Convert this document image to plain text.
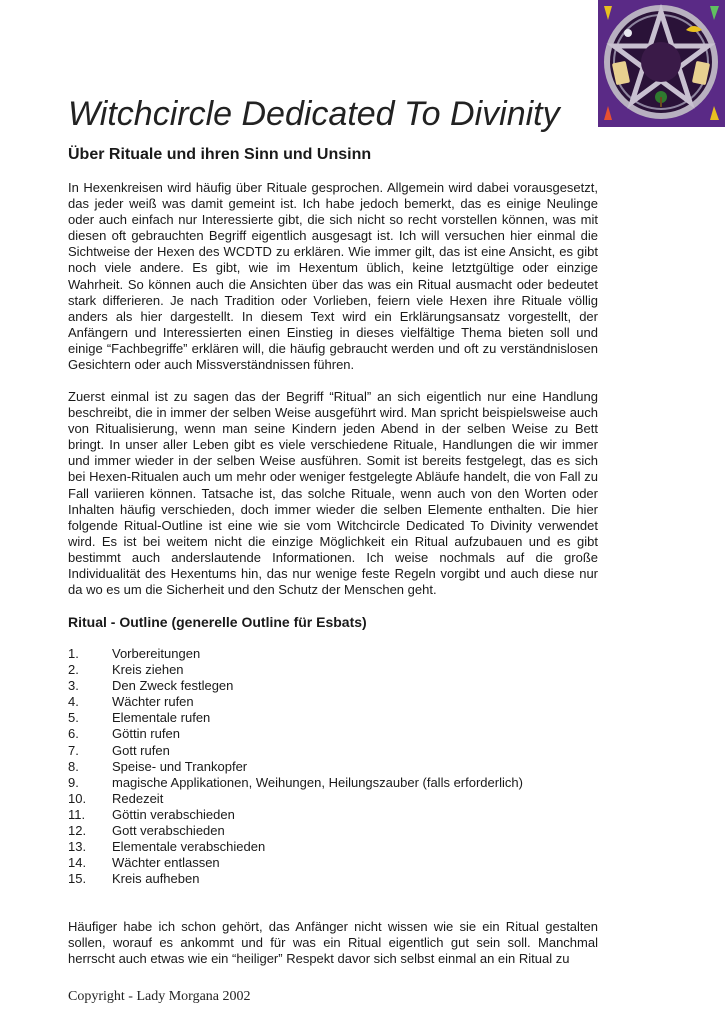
Witchcircle Dedicated To Divinity
Über Rituale und ihren Sinn und Unsinn

In Hexenkreisen wird häufig über Rituale gesprochen. Allgemein wird dabei vorausgesetzt, das jeder weiß was damit gemeint ist. Ich habe jedoch bemerkt, das es einige Neulinge oder auch einfach nur Interessierte gibt, die sich nicht so recht vorstellen können, was mit diesen oft gebrauchten Begriff eigentlich ausgesagt ist. Ich will versuchen hier einmal die Sichtweise der Hexen des WCDTD zu erklären. Wie immer gilt, das ist eine Ansicht, es gibt noch viele andere. Es gibt, wie im Hexentum üblich, keine letztgültige oder einzige Wahrheit. So können auch die Ansichten über das was ein Ritual ausmacht oder bedeutet stark differieren. Je nach Tradition oder Vorlieben, feiern viele Hexen ihre Rituale völlig anders als hier dargestellt. In diesem Text wird ein Erklärungsansatz vorgestellt, der Anfängern und Interessierten einen Einstieg in dieses vielfältige Thema bieten soll und einige “Fachbegriffe” erklären will, die häufig gebraucht werden und oft zu verständnislosen Gesichtern oder auch Missverständnissen führen.

Zuerst einmal ist zu sagen das der Begriff “Ritual” an sich eigentlich nur eine Handlung beschreibt, die in immer der selben Weise ausgeführt wird. Man spricht beispielsweise auch von Ritualisierung, wenn man seine Kindern jeden Abend in der selben Weise zu Bett bringt. In unser aller Leben gibt es viele verschiedene Rituale, Handlungen die wir immer und immer wieder in der selben Weise ausführen. Somit ist bereits festgelegt, das es sich bei Hexen-Ritualen auch um mehr oder weniger festgelegte Abläufe handelt, die von Fall zu Fall variieren können. Tatsache ist, das solche Rituale, wenn auch von den Worten oder Inhalten häufig verschieden, doch immer wieder die selben Elemente enthalten. Die hier folgende Ritual-Outline ist eine wie sie vom Witchcircle Dedicated To Divinity verwendet wird. Es ist bei weitem nicht die einzige Möglichkeit ein Ritual aufzubauen und es gibt bestimmt auch anderslautende Informationen. Ich weise nochmals auf die große Individualität des Hexentums hin, das nur wenige feste Regeln vorgibt und auch diese nur da wo es um die Sicherheit und den Schutz der Menschen geht.

Ritual - Outline (generelle Outline für Esbats)
1.	Vorbereitungen
2.	Kreis ziehen
3.	Den Zweck festlegen
4.	Wächter rufen
5.	Elementale rufen
6.	Göttin rufen
7.	Gott rufen
8.	Speise- und Trankopfer
9.	magische Applikationen, Weihungen, Heilungszauber (falls erforderlich)
10.	Redezeit
11.	Göttin verabschieden
12.	Gott verabschieden
13.	Elementale verabschieden
14.	Wächter entlassen
15.	Kreis aufheben

Häufiger habe ich schon gehört, das Anfänger nicht wissen wie sie ein Ritual gestalten sollen, worauf es ankommt und für was ein Ritual eigentlich gut sein soll. Manchmal herrscht auch etwas wie ein “heiliger” Respekt davor sich selbst einmal an ein Ritual zu

Copyright - Lady Morgana 2002
